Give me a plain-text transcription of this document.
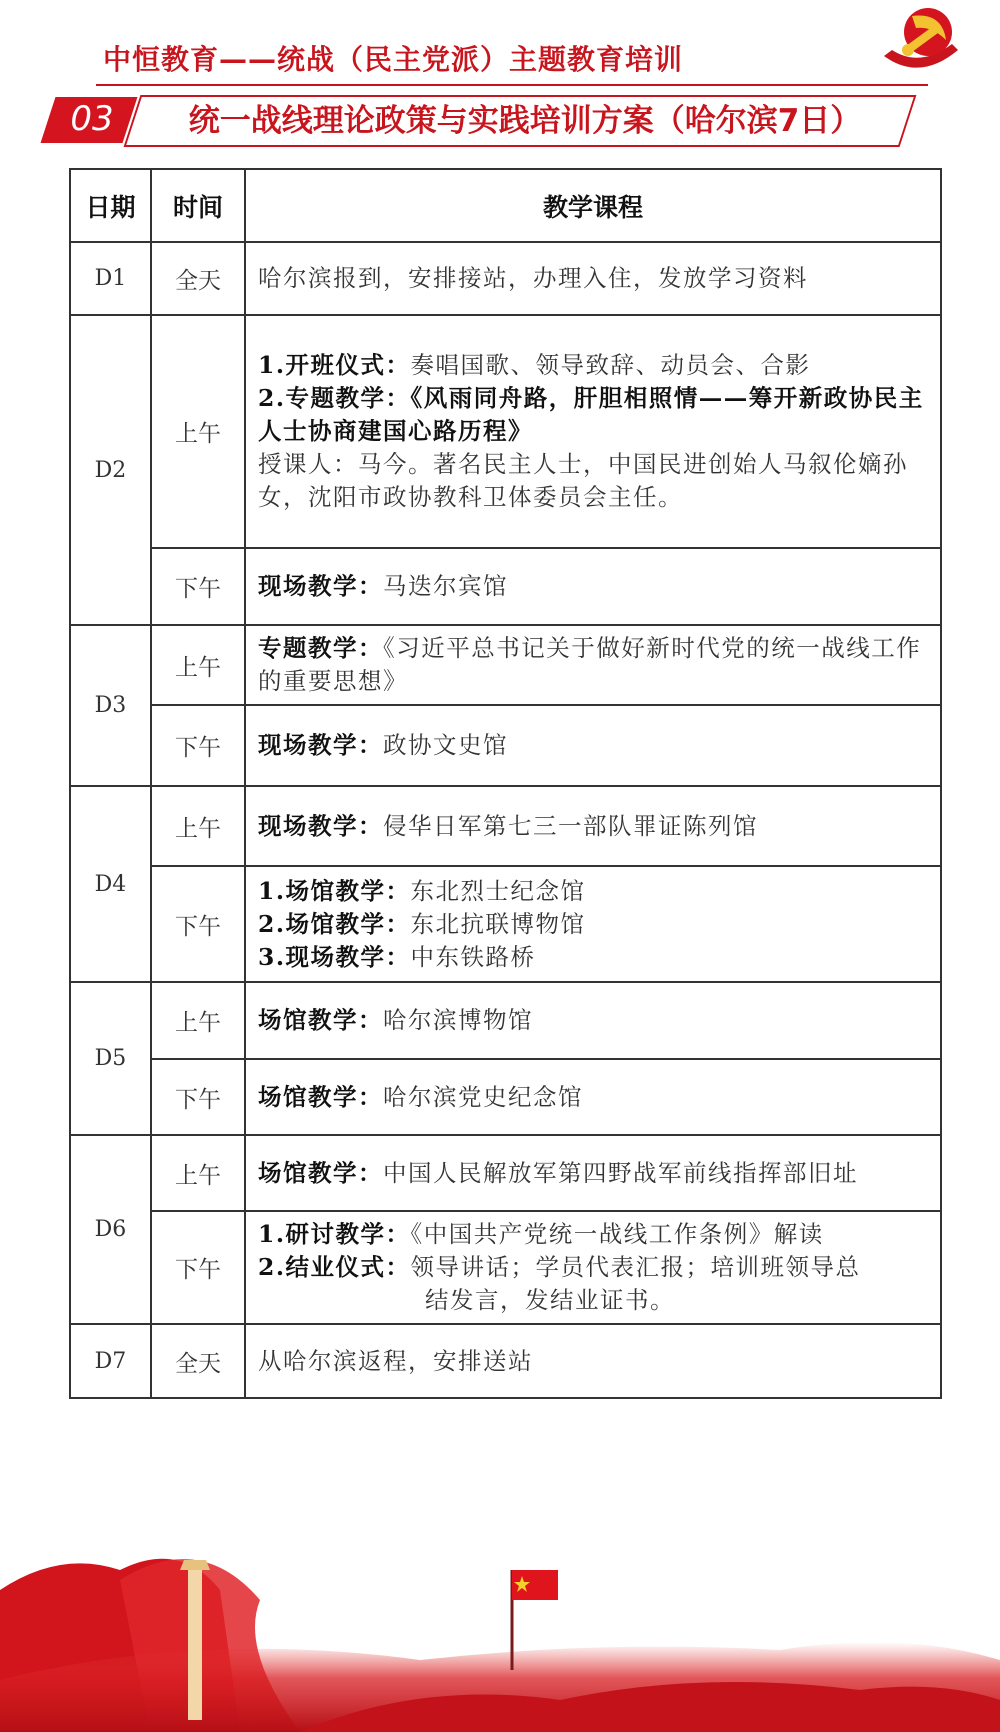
中恒教育——统战（民主党派）主题教育培训
03	统一战线理论政策与实践培训方案（哈尔滨7日）
日期	时间	教学课程
D1	全天	哈尔滨报到，安排接站，办理入住，发放学习资料
D2	上午	1.开班仪式：奏唱国歌、领导致辞、动员会、合影
2.专题教学：《风雨同舟路，肝胆相照情——筹开新政协民主人士协商建国心路历程》
授课人：马今。著名民主人士，中国民进创始人马叙伦嫡孙女，沈阳市政协教科卫体委员会主任。

	下午	现场教学：马迭尔宾馆
D3	上午	专题教学：《习近平总书记关于做好新时代党的统一战线工作的重要思想》
	下午	现场教学：政协文史馆
D4	上午	现场教学：侵华日军第七三一部队罪证陈列馆
	下午	1.场馆教学：东北烈士纪念馆
2.场馆教学：东北抗联博物馆
3.现场教学：中东铁路桥

D5	上午	场馆教学：哈尔滨博物馆
	下午	场馆教学：哈尔滨党史纪念馆
D6	上午	场馆教学：中国人民解放军第四野战军前线指挥部旧址
	下午	1.研讨教学：《中国共产党统一战线工作条例》解读
2.结业仪式：领导讲话；学员代表汇报；培训班领导总
结发言，发结业证书。

D7	全天	从哈尔滨返程，安排送站
